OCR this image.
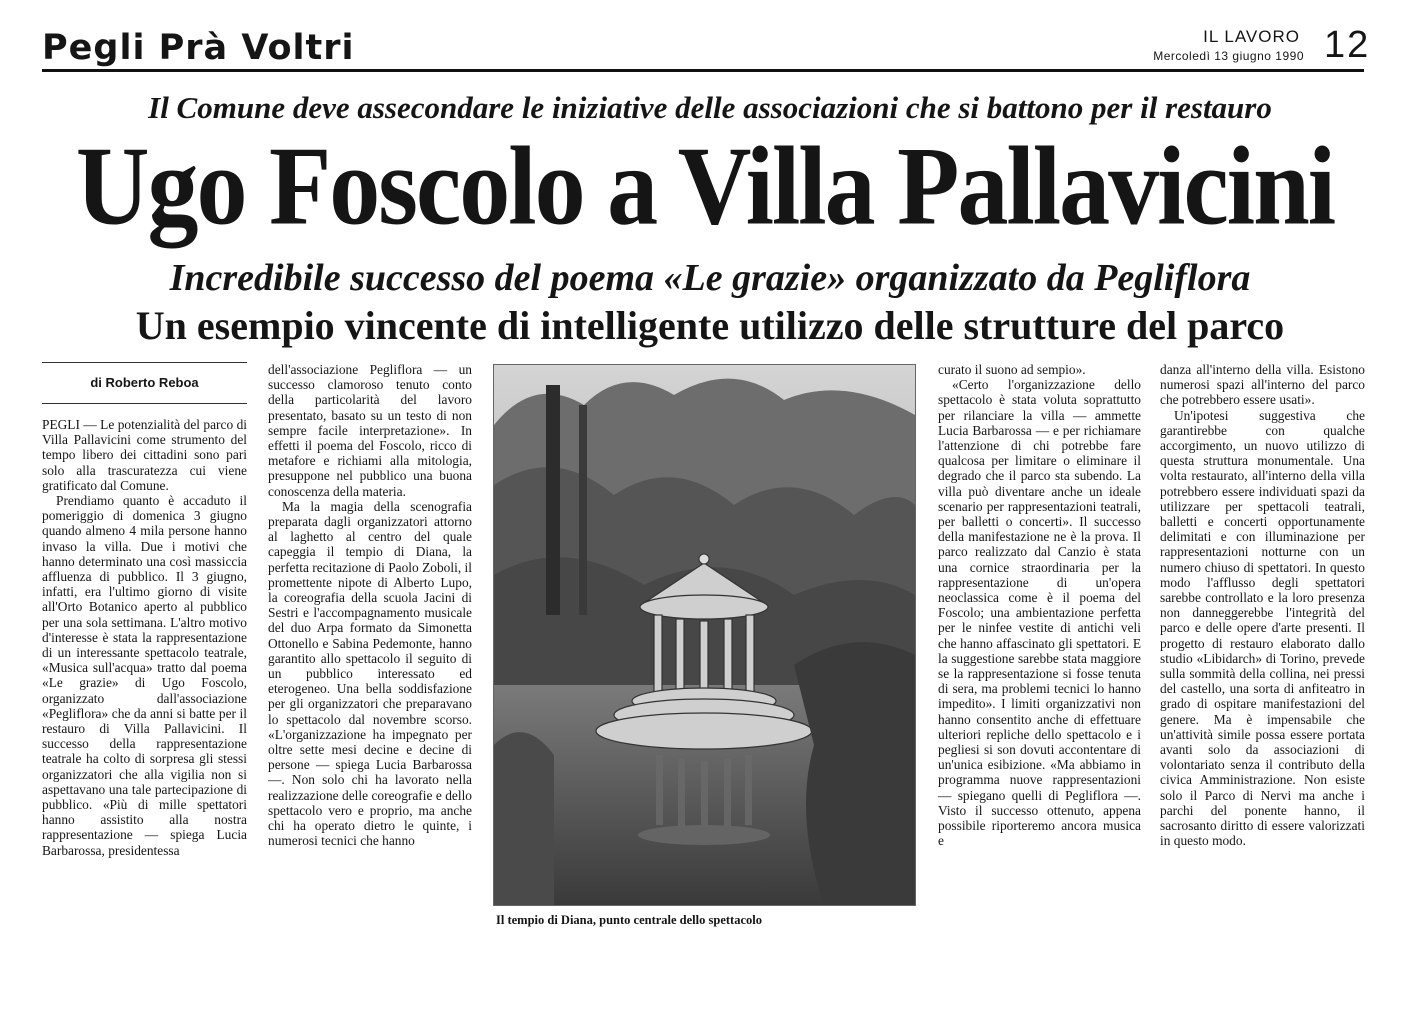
Pegli Prà Voltri	IL LAVORO
Mercoledì 13 giugno 1990 12
Il Comune deve assecondare le iniziative delle associazioni che si battono per il restauro
Ugo Foscolo a Villa Pallavicini
Incredibile successo del poema «Le grazie» organizzato da Pegliflora
Un esempio vincente di intelligente utilizzo delle strutture del parco
di Roberto Reboa

PEGLI — Le potenzialità del parco di Villa Pallavicini come strumento del tempo libero dei cittadini sono pari solo alla trascuratezza cui viene gratificato dal Comune.

Prendiamo quanto è accaduto il pomeriggio di domenica 3 giugno quando almeno 4 mila persone hanno invaso la villa. Due i motivi che hanno determinato una così massiccia affluenza di pubblico. Il 3 giugno, infatti, era l'ultimo giorno di visite all'Orto Botanico aperto al pubblico per una sola settimana. L'altro motivo d'interesse è stata la rappresentazione di un interessante spettacolo teatrale, «Musica sull'acqua» tratto dal poema «Le grazie» di Ugo Foscolo, organizzato dall'associazione «Pegliflora» che da anni si batte per il restauro di Villa Pallavicini. Il successo della rappresentazione teatrale ha colto di sorpresa gli stessi organizzatori che alla vigilia non si aspettavano una tale partecipazione di pubblico. «Più di mille spettatori hanno assistito alla nostra rappresentazione — spiega Lucia Barbarossa, presidentessa

dell'associazione Pegliflora — un successo clamoroso tenuto conto della particolarità del lavoro presentato, basato su un testo di non sempre facile interpretazione». In effetti il poema del Foscolo, ricco di metafore e richiami alla mitologia, presuppone nel pubblico una buona conoscenza della materia.

Ma la magia della scenografia preparata dagli organizzatori attorno al laghetto al centro del quale capeggia il tempio di Diana, la perfetta recitazione di Paolo Zoboli, il promettente nipote di Alberto Lupo, la coreografia della scuola Jacini di Sestri e l'accompagnamento musicale del duo Arpa formato da Simonetta Ottonello e Sabina Pedemonte, hanno garantito allo spettacolo il seguito di un pubblico interessato ed eterogeneo. Una bella soddisfazione per gli organizzatori che preparavano lo spettacolo dal novembre scorso. «L'organizzazione ha impegnato per oltre sette mesi decine e decine di persone — spiega Lucia Barbarossa —. Non solo chi ha lavorato nella realizzazione delle coreografie e dello spettacolo vero e proprio, ma anche chi ha operato dietro le quinte, i numerosi tecnici che hanno

Il tempio di Diana, punto centrale dello spettacolo

curato il suono ad sempio».

«Certo l'organizzazione dello spettacolo è stata voluta soprattutto per rilanciare la villa — ammette Lucia Barbarossa — e per richiamare l'attenzione di chi potrebbe fare qualcosa per limitare o eliminare il degrado che il parco sta subendo. La villa può diventare anche un ideale scenario per rappresentazioni teatrali, per balletti o concerti». Il successo della manifestazione ne è la prova. Il parco realizzato dal Canzio è stata una cornice straordinaria per la rappresentazione di un'opera neoclassica come è il poema del Foscolo; una ambientazione perfetta per le ninfee vestite di antichi veli che hanno affascinato gli spettatori. E la suggestione sarebbe stata maggiore se la rappresentazione si fosse tenuta di sera, ma problemi tecnici lo hanno impedito». I limiti organizzativi non hanno consentito anche di effettuare ulteriori repliche dello spettacolo e i pegliesi si son dovuti accontentare di un'unica esibizione. «Ma abbiamo in programma nuove rappresentazioni — spiegano quelli di Pegliflora —. Visto il successo ottenuto, appena possibile riporteremo ancora musica e

danza all'interno della villa. Esistono numerosi spazi all'interno del parco che potrebbero essere usati».

Un'ipotesi suggestiva che garantirebbe con qualche accorgimento, un nuovo utilizzo di questa struttura monumentale. Una volta restaurato, all'interno della villa potrebbero essere individuati spazi da utilizzare per spettacoli teatrali, balletti e concerti opportunamente delimitati e con illuminazione per rappresentazioni notturne con un numero chiuso di spettatori. In questo modo l'afflusso degli spettatori sarebbe controllato e la loro presenza non danneggerebbe l'integrità del parco e delle opere d'arte presenti. Il progetto di restauro elaborato dallo studio «Libidarch» di Torino, prevede sulla sommità della collina, nei pressi del castello, una sorta di anfiteatro in grado di ospitare manifestazioni del genere. Ma è impensabile che un'attività simile possa essere portata avanti solo da associazioni di volontariato senza il contributo della civica Amministrazione. Non esiste solo il Parco di Nervi ma anche i parchi del ponente hanno, il sacrosanto diritto di essere valorizzati in questo modo.
